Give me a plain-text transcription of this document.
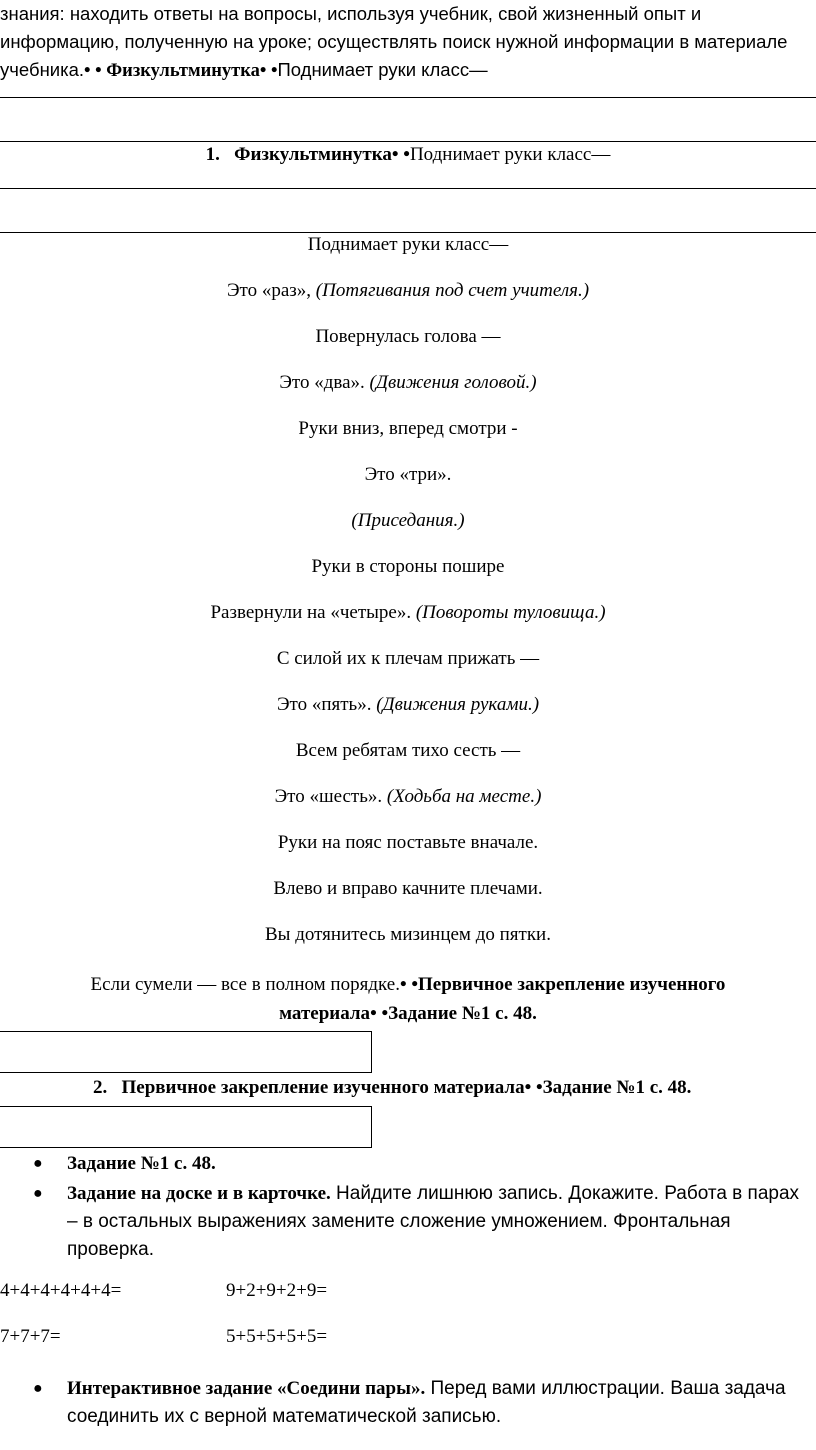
знания: находить ответы на вопросы, используя учебник, свой жизненный опыт и
информацию, полученную на уроке; осуществлять поиск нужной информации в материале
учебника.• • Физкультминутка• •Поднимает руки класс—
1. Физкультминутка• •Поднимает руки класс—
Поднимает руки класс—
Это «раз», (Потягивания под счет учителя.)
Повернулась голова —
Это «два». (Движения головой.)
Руки вниз, вперед смотри -
Это «три».
(Приседания.)
Руки в стороны пошире
Развернули на «четыре». (Повороты туловища.)
С силой их к плечам прижать —
Это «пять». (Движения руками.)
Всем ребятам тихо сесть —
Это «шесть». (Ходьба на месте.)
Руки на пояс поставьте вначале.
Влево и вправо качните плечами.
Вы дотянитесь мизинцем до пятки.
Если сумели — все в полном порядке.• •Первичное закрепление изученного
материала• •Задание №1 с. 48.
2. Первичное закрепление изученного материала• •Задание №1 с. 48.
● Задание №1 с. 48.
● Задание на доске и в карточке. Найдите лишнюю запись. Докажите. Работа в парах – в остальных выражениях замените сложение умножением. Фронтальная проверка.
4+4+4+4+4+4=	9+2+9+2+9=
7+7+7=	5+5+5+5+5=
● Интерактивное задание «Соедини пары». Перед вами иллюстрации. Ваша задача соединить их с верной математической записью.
